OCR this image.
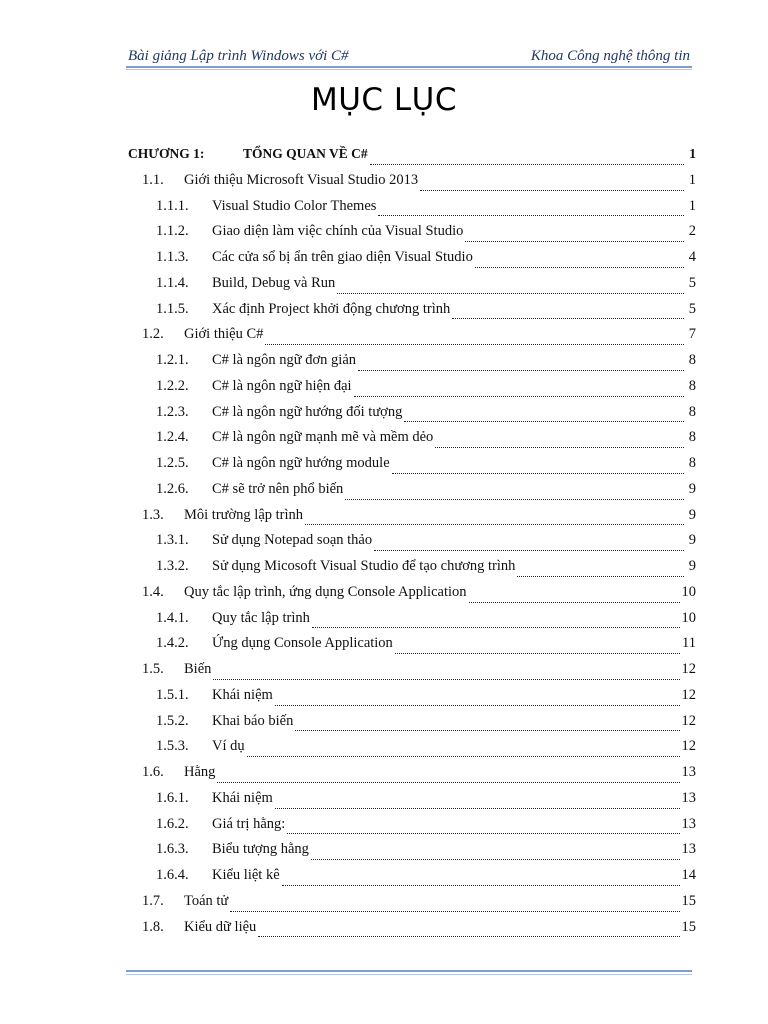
Bài giảng Lập trình Windows với C#	Khoa Công nghệ thông tin
MỤC LỤC
CHƯƠNG 1:	TỔNG QUAN VỀ C#	1
1.1.	Giới thiệu Microsoft Visual Studio 2013	1
1.1.1.	Visual Studio Color Themes	1
1.1.2.	Giao diện làm việc chính của Visual Studio	2
1.1.3.	Các cửa sổ bị ẩn trên giao diện Visual Studio	4
1.1.4.	Build, Debug và Run	5
1.1.5.	Xác định Project khởi động chương trình	5
1.2.	Giới thiệu C#	7
1.2.1.	C# là ngôn ngữ đơn giản	8
1.2.2.	C# là ngôn ngữ hiện đại	8
1.2.3.	C# là ngôn ngữ hướng đối tượng	8
1.2.4.	C# là ngôn ngữ mạnh mẽ và mềm dẻo	8
1.2.5.	C# là ngôn ngữ hướng module	8
1.2.6.	C# sẽ trở nên phổ biến	9
1.3.	Môi trường lập trình	9
1.3.1.	Sử dụng Notepad soạn thảo	9
1.3.2.	Sử dụng Micosoft Visual Studio để tạo chương trình	9
1.4.	Quy tắc lập trình, ứng dụng Console Application	10
1.4.1.	Quy tắc lập trình	10
1.4.2.	Ứng dụng Console Application	11
1.5.	Biến	12
1.5.1.	Khái niệm	12
1.5.2.	Khai báo biến	12
1.5.3.	Ví dụ	12
1.6.	Hằng	13
1.6.1.	Khái niệm	13
1.6.2.	Giá trị hằng:	13
1.6.3.	Biểu tượng hằng	13
1.6.4.	Kiểu liệt kê	14
1.7.	Toán tử	15
1.8.	Kiểu dữ liệu	15
